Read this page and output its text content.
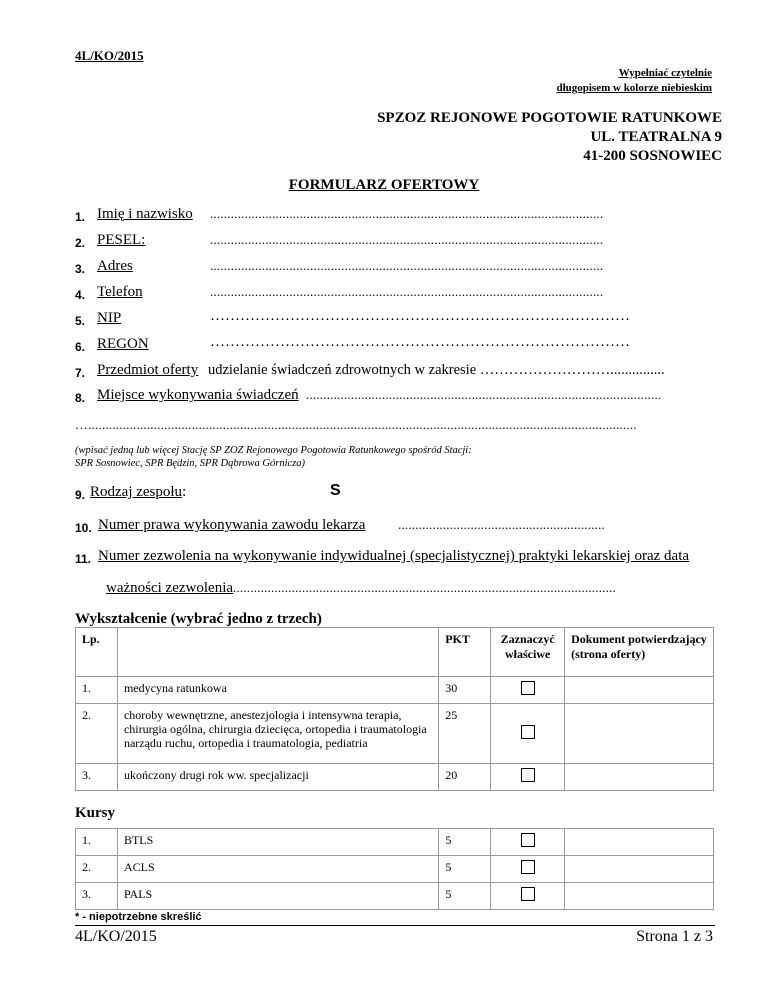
4L/KO/2015
Wypełniać czytelnie
długopisem w kolorze niebieskim
SPZOZ REJONOWE POGOTOWIE RATUNKOWE
UL. TEATRALNA 9
41-200 SOSNOWIEC
FORMULARZ OFERTOWY
1. Imię i nazwisko ..................................................................................................................
2. PESEL:	..................................................................................................................
3. Adres	..................................................................................................................
4. Telefon	..................................................................................................................
5. NIP	…………………………………………………………………………
6. REGON	…………………………………………………………………………
7. Przedmiot oferty udzielanie świadczeń zdrowotnych w zakresie ………………………...............
8. Miejsce wykonywania świadczeń .......................................................................................................
…...............................................................................................................................................................
(wpisać jedną lub więcej Stację SP ZOZ Rejonowego Pogotowia Ratunkowego spośród Stacji:
SPR Sosnowiec, SPR Będzin, SPR Dąbrowa Górnicza)
9. Rodzaj zespołu:	S
10. Numer prawa wykonywania zawodu lekarza	............................................................
11. Numer zezwolenia na wykonywanie indywidualnej (specjalistycznej) praktyki lekarskiej oraz data
ważności zezwolenia ...............................................................................................................
Wykształcenie (wybrać jedno z trzech)
Lp.		PKT	Zaznaczyć właściwe	Dokument potwierdzający (strona oferty)
1.	medycyna ratunkowa	30		
2.	choroby wewnętrzne, anestezjologia i intensywna terapia, chirurgia ogólna, chirurgia dziecięca, ortopedia i traumatologia narządu ruchu, ortopedia i traumatologia, pediatria	25		
3.	ukończony drugi rok ww. specjalizacji	20		
Kursy
1.	BTLS	5		
2.	ACLS	5		
3.	PALS	5		
* - niepotrzebne skreślić
4L/KO/2015	Strona 1 z 3
